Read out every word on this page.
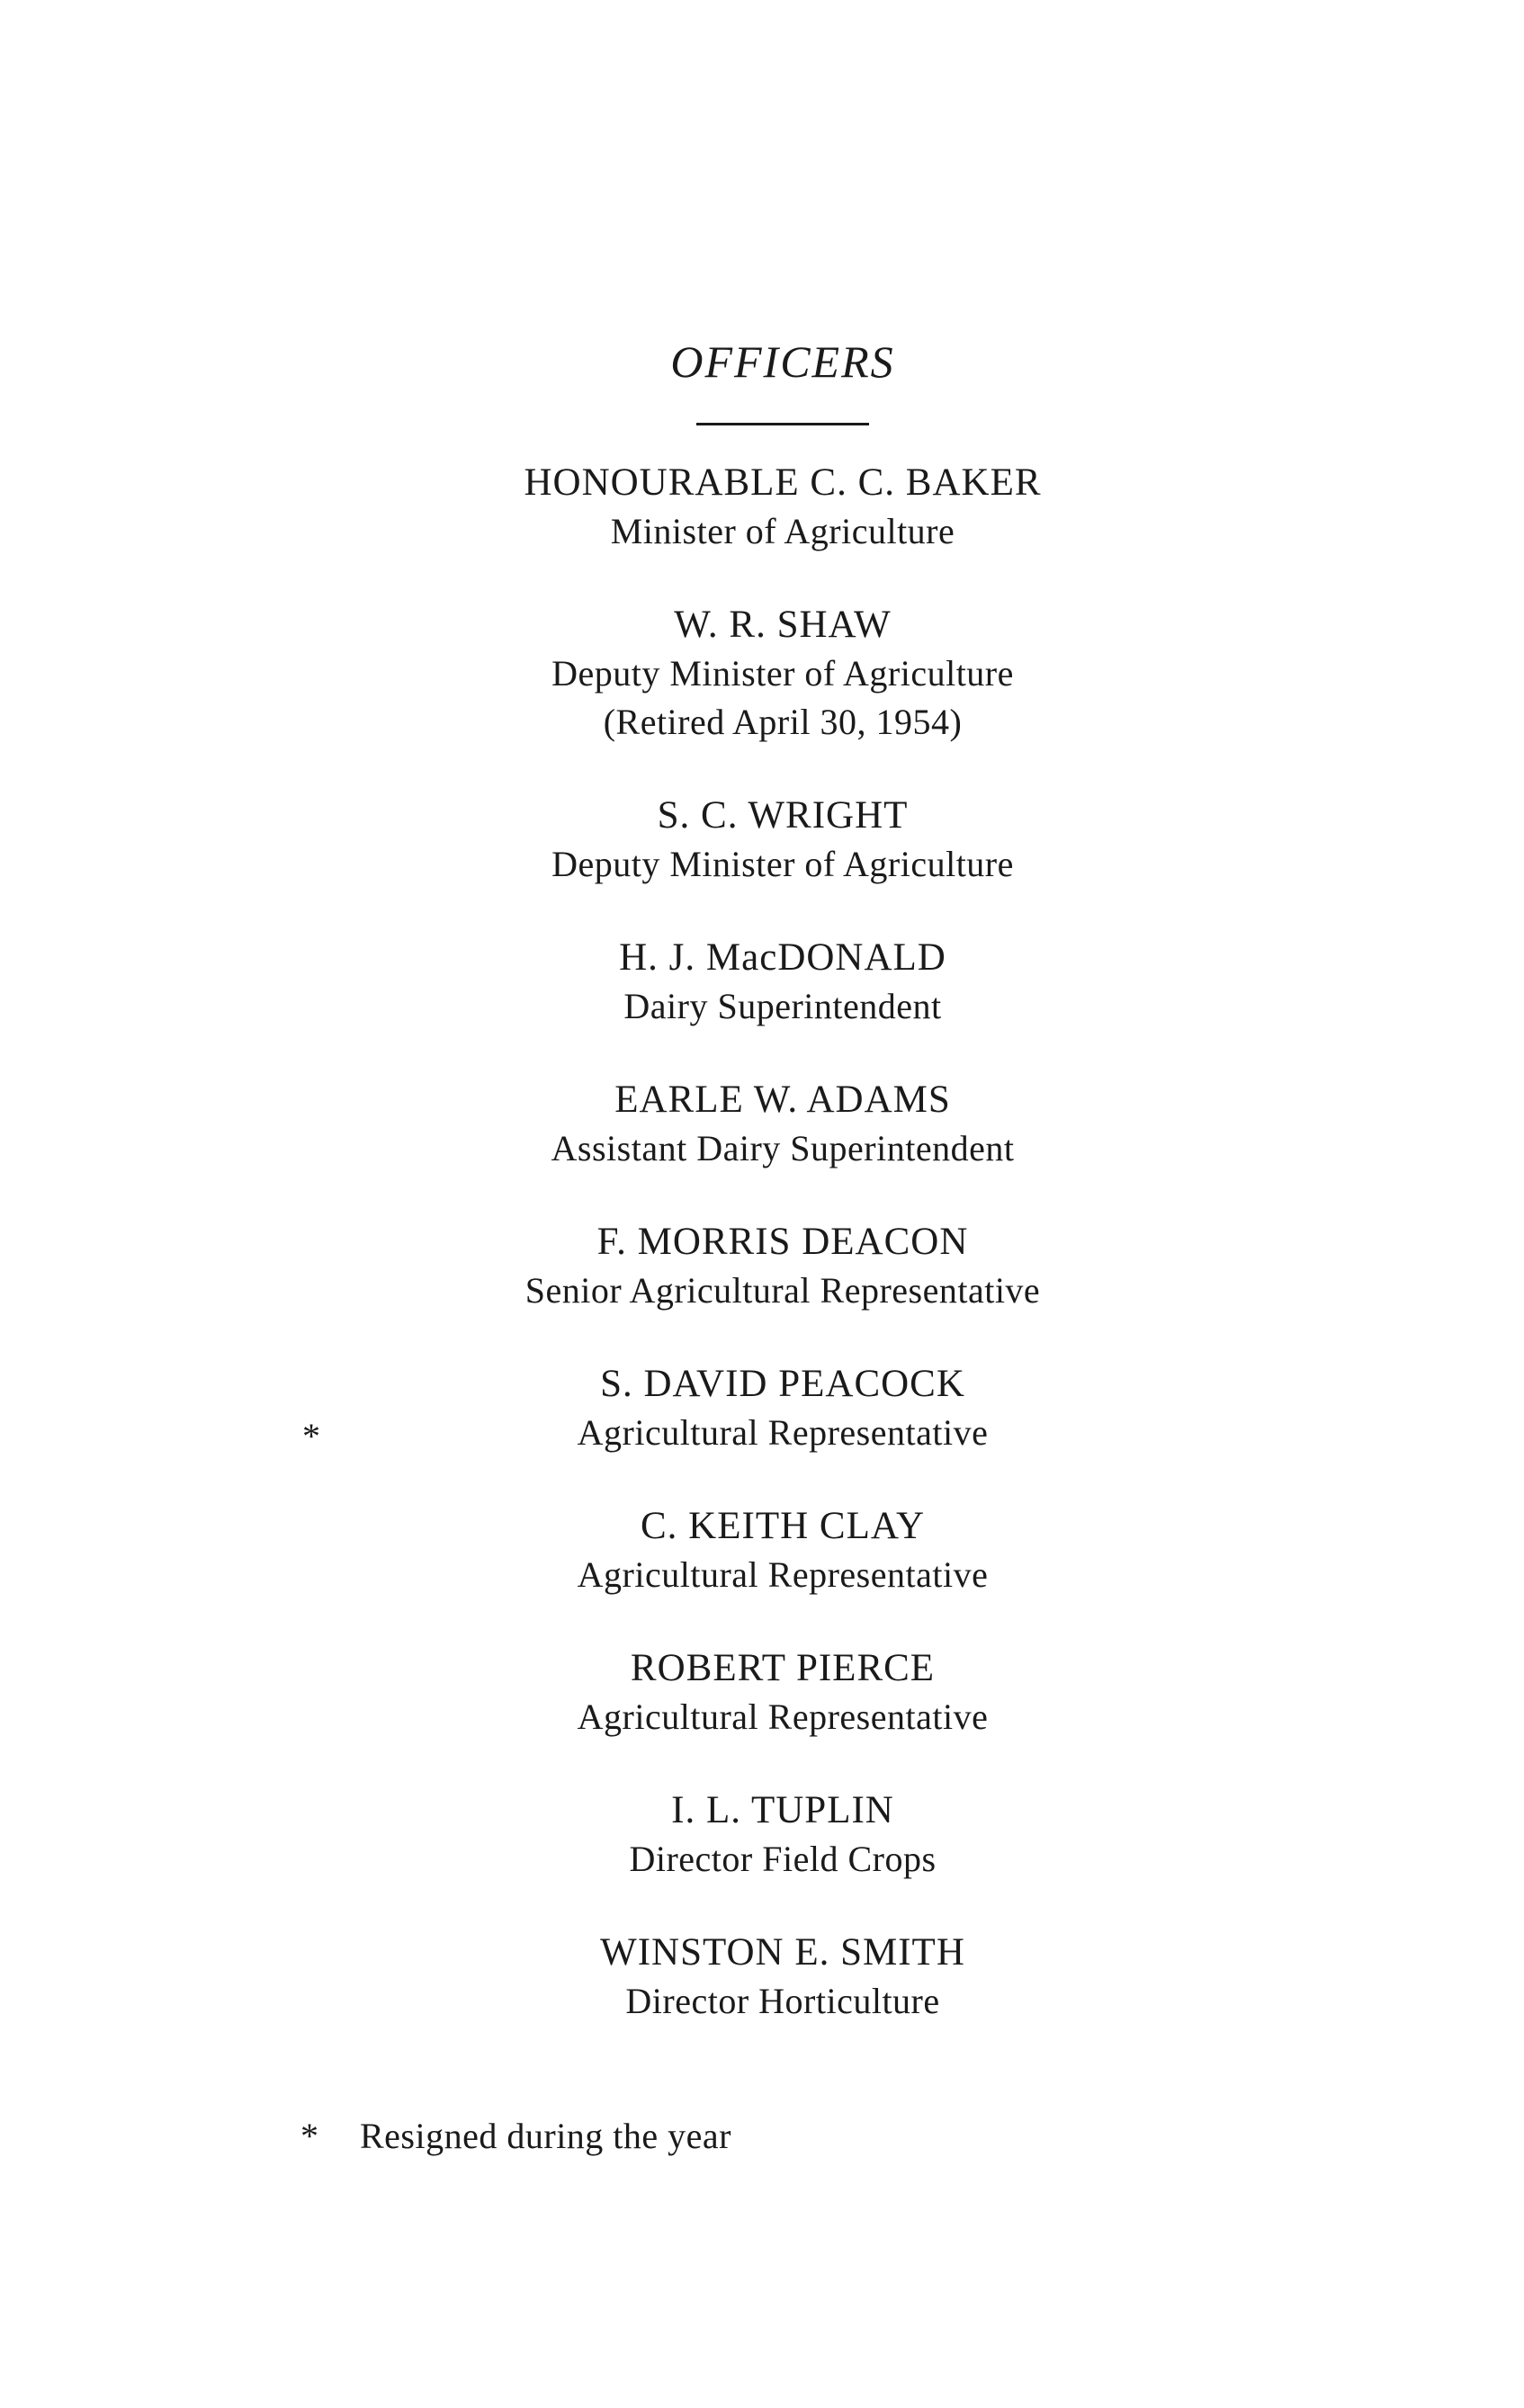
OFFICERS
HONOURABLE C. C. BAKER
Minister of Agriculture
W. R. SHAW
Deputy Minister of Agriculture
(Retired April 30, 1954)
S. C. WRIGHT
Deputy Minister of Agriculture
H. J. MacDONALD
Dairy Superintendent
EARLE W. ADAMS
Assistant Dairy Superintendent
F. MORRIS DEACON
Senior Agricultural Representative
S. DAVID PEACOCK
Agricultural Representative
*
C. KEITH CLAY
Agricultural Representative
ROBERT PIERCE
Agricultural Representative
I. L. TUPLIN
Director Field Crops
WINSTON E. SMITH
Director Horticulture
* Resigned during the year
